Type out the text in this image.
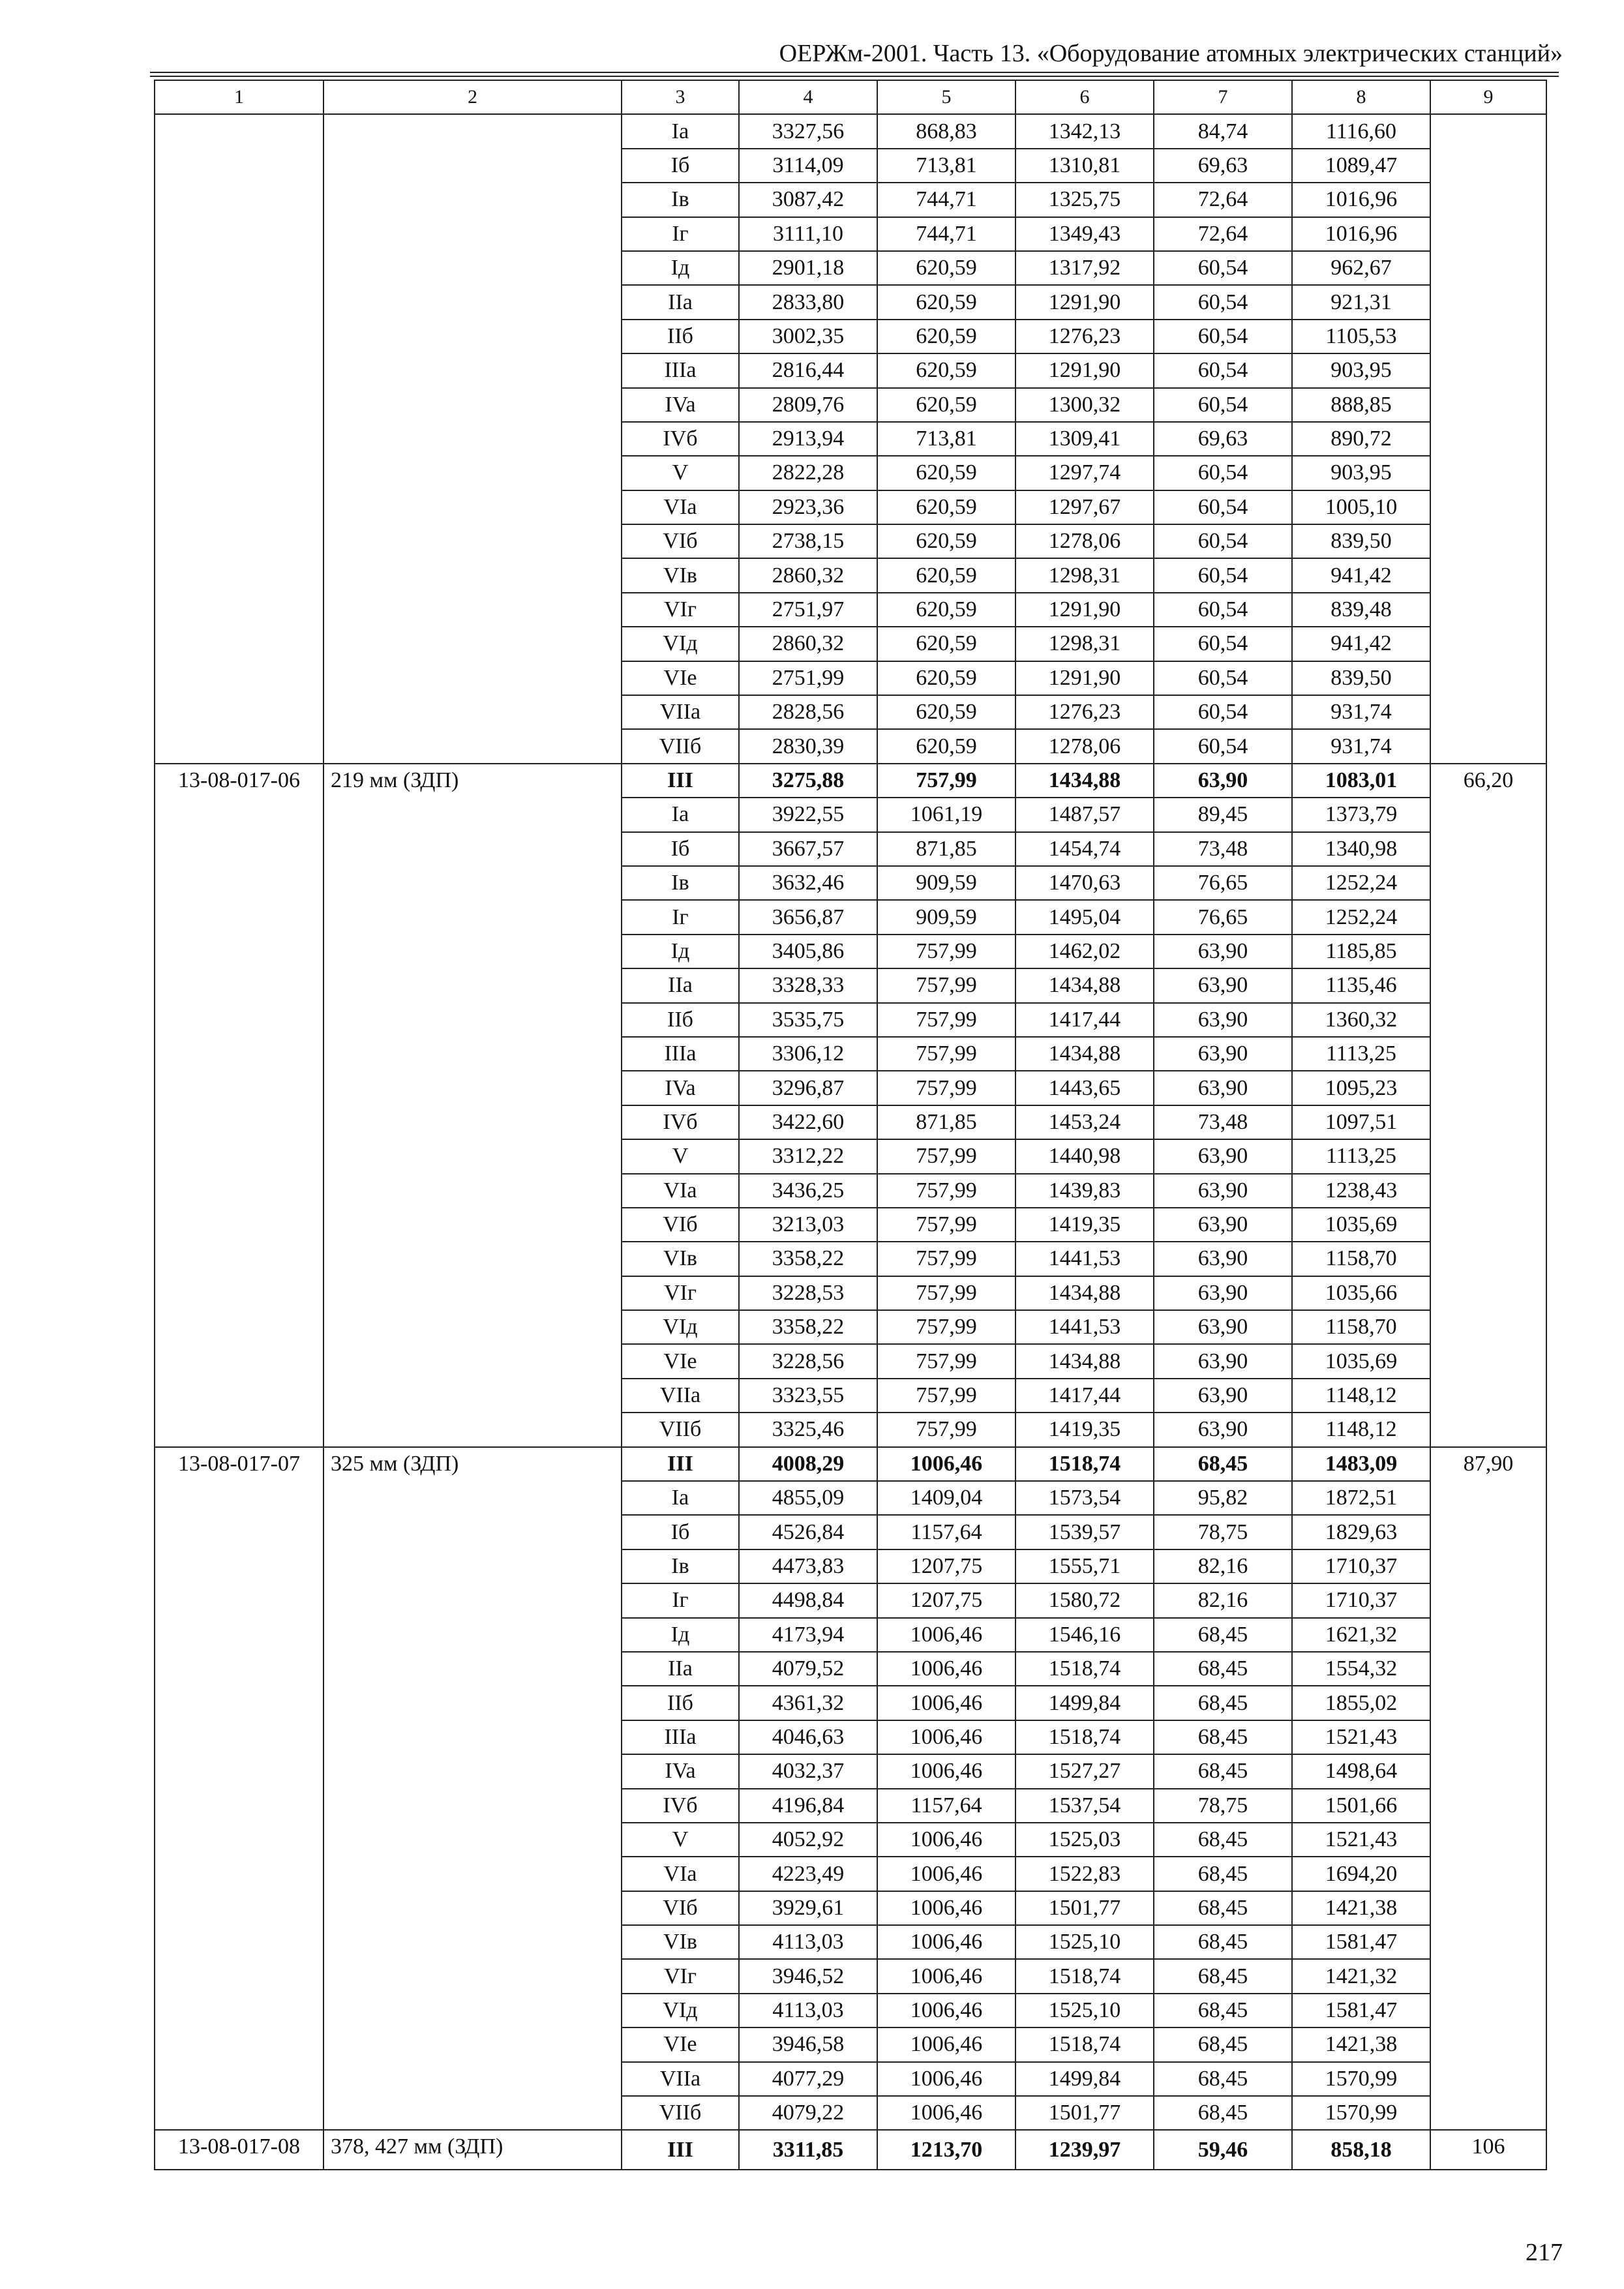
ОЕРЖм-2001. Часть 13. «Оборудование атомных электрических станций»
1	2	3	4	5	6	7	8	9
		Ia	3327,56	868,83	1342,13	84,74	1116,60	
		Iб	3114,09	713,81	1310,81	69,63	1089,47	
		Iв	3087,42	744,71	1325,75	72,64	1016,96	
		Iг	3111,10	744,71	1349,43	72,64	1016,96	
		Iд	2901,18	620,59	1317,92	60,54	962,67	
		IIa	2833,80	620,59	1291,90	60,54	921,31	
		IIб	3002,35	620,59	1276,23	60,54	1105,53	
		IIIa	2816,44	620,59	1291,90	60,54	903,95	
		IVa	2809,76	620,59	1300,32	60,54	888,85	
		IVб	2913,94	713,81	1309,41	69,63	890,72	
		V	2822,28	620,59	1297,74	60,54	903,95	
		VIa	2923,36	620,59	1297,67	60,54	1005,10	
		VIб	2738,15	620,59	1278,06	60,54	839,50	
		VIв	2860,32	620,59	1298,31	60,54	941,42	
		VIг	2751,97	620,59	1291,90	60,54	839,48	
		VIд	2860,32	620,59	1298,31	60,54	941,42	
		VIe	2751,99	620,59	1291,90	60,54	839,50	
		VIIa	2828,56	620,59	1276,23	60,54	931,74	
		VIIб	2830,39	620,59	1278,06	60,54	931,74	
13-08-017-06	219 мм (ЗДП)	III	3275,88	757,99	1434,88	63,90	1083,01	66,20
		Ia	3922,55	1061,19	1487,57	89,45	1373,79	
		Iб	3667,57	871,85	1454,74	73,48	1340,98	
		Iв	3632,46	909,59	1470,63	76,65	1252,24	
		Iг	3656,87	909,59	1495,04	76,65	1252,24	
		Iд	3405,86	757,99	1462,02	63,90	1185,85	
		IIa	3328,33	757,99	1434,88	63,90	1135,46	
		IIб	3535,75	757,99	1417,44	63,90	1360,32	
		IIIa	3306,12	757,99	1434,88	63,90	1113,25	
		IVa	3296,87	757,99	1443,65	63,90	1095,23	
		IVб	3422,60	871,85	1453,24	73,48	1097,51	
		V	3312,22	757,99	1440,98	63,90	1113,25	
		VIa	3436,25	757,99	1439,83	63,90	1238,43	
		VIб	3213,03	757,99	1419,35	63,90	1035,69	
		VIв	3358,22	757,99	1441,53	63,90	1158,70	
		VIг	3228,53	757,99	1434,88	63,90	1035,66	
		VIд	3358,22	757,99	1441,53	63,90	1158,70	
		VIe	3228,56	757,99	1434,88	63,90	1035,69	
		VIIa	3323,55	757,99	1417,44	63,90	1148,12	
		VIIб	3325,46	757,99	1419,35	63,90	1148,12	
13-08-017-07	325 мм (ЗДП)	III	4008,29	1006,46	1518,74	68,45	1483,09	87,90
		Ia	4855,09	1409,04	1573,54	95,82	1872,51	
		Iб	4526,84	1157,64	1539,57	78,75	1829,63	
		Iв	4473,83	1207,75	1555,71	82,16	1710,37	
		Iг	4498,84	1207,75	1580,72	82,16	1710,37	
		Iд	4173,94	1006,46	1546,16	68,45	1621,32	
		IIa	4079,52	1006,46	1518,74	68,45	1554,32	
		IIб	4361,32	1006,46	1499,84	68,45	1855,02	
		IIIa	4046,63	1006,46	1518,74	68,45	1521,43	
		IVa	4032,37	1006,46	1527,27	68,45	1498,64	
		IVб	4196,84	1157,64	1537,54	78,75	1501,66	
		V	4052,92	1006,46	1525,03	68,45	1521,43	
		VIa	4223,49	1006,46	1522,83	68,45	1694,20	
		VIб	3929,61	1006,46	1501,77	68,45	1421,38	
		VIв	4113,03	1006,46	1525,10	68,45	1581,47	
		VIг	3946,52	1006,46	1518,74	68,45	1421,32	
		VIд	4113,03	1006,46	1525,10	68,45	1581,47	
		VIe	3946,58	1006,46	1518,74	68,45	1421,38	
		VIIa	4077,29	1006,46	1499,84	68,45	1570,99	
		VIIб	4079,22	1006,46	1501,77	68,45	1570,99	
13-08-017-08	378, 427 мм (ЗДП)	III	3311,85	1213,70	1239,97	59,46	858,18	106
217
